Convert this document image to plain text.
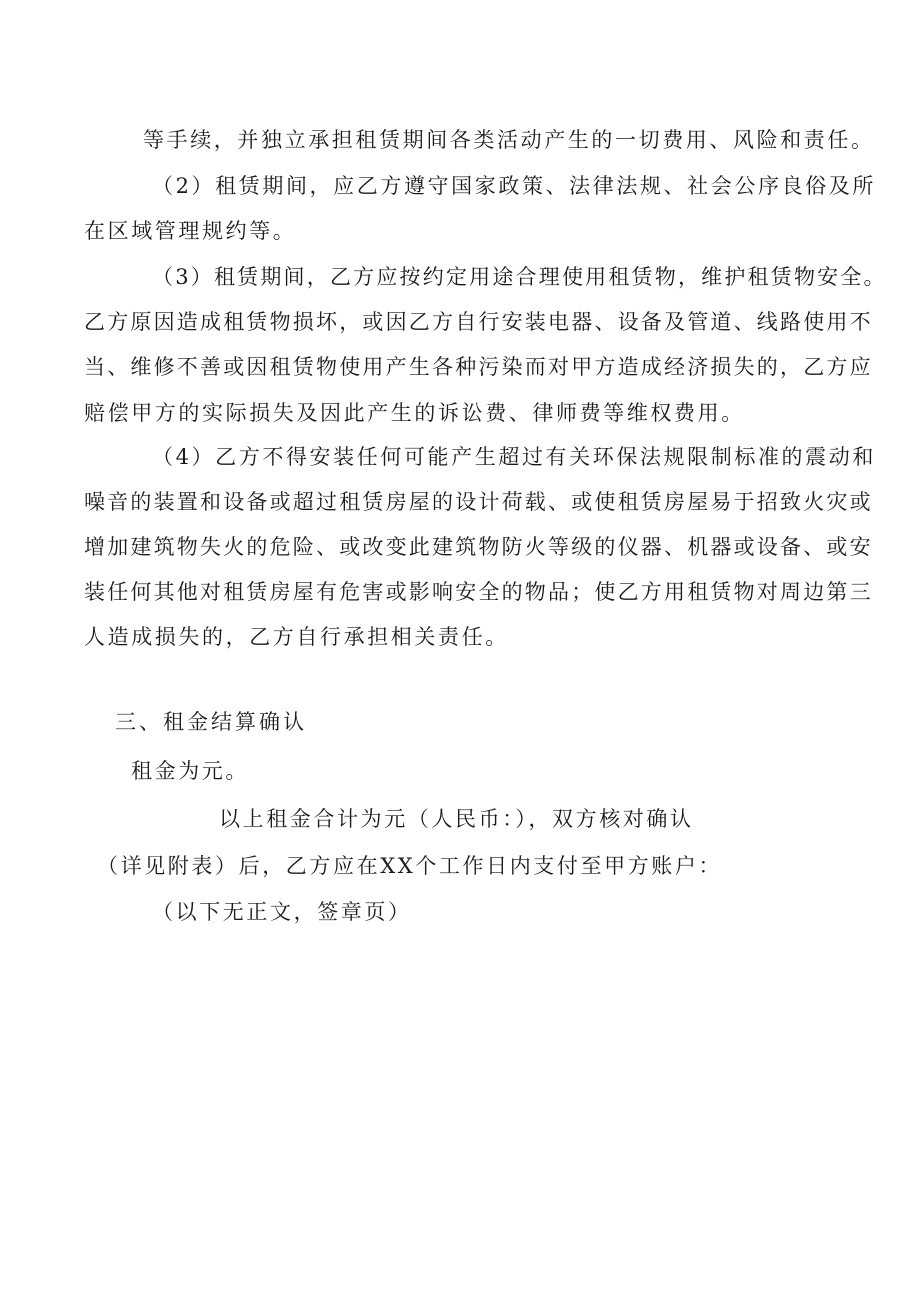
等手续，并独立承担租赁期间各类活动产生的一切费用、风险和责任。
（2）租赁期间，应乙方遵守国家政策、法律法规、社会公序良俗及所
在区域管理规约等。
（3）租赁期间，乙方应按约定用途合理使用租赁物，维护租赁物安全。
乙方原因造成租赁物损坏，或因乙方自行安装电器、设备及管道、线路使用不
当、维修不善或因租赁物使用产生各种污染而对甲方造成经济损失的，乙方应
赔偿甲方的实际损失及因此产生的诉讼费、律师费等维权费用。
（4）乙方不得安装任何可能产生超过有关环保法规限制标准的震动和
噪音的装置和设备或超过租赁房屋的设计荷载、或使租赁房屋易于招致火灾或
增加建筑物失火的危险、或改变此建筑物防火等级的仪器、机器或设备、或安
装任何其他对租赁房屋有危害或影响安全的物品；使乙方用租赁物对周边第三
人造成损失的，乙方自行承担相关责任。
三、租金结算确认
租金为元。
以上租金合计为元（人民币：），双方核对确认
（详见附表）后，乙方应在XX个工作日内支付至甲方账户：
（以下无正文，签章页）
